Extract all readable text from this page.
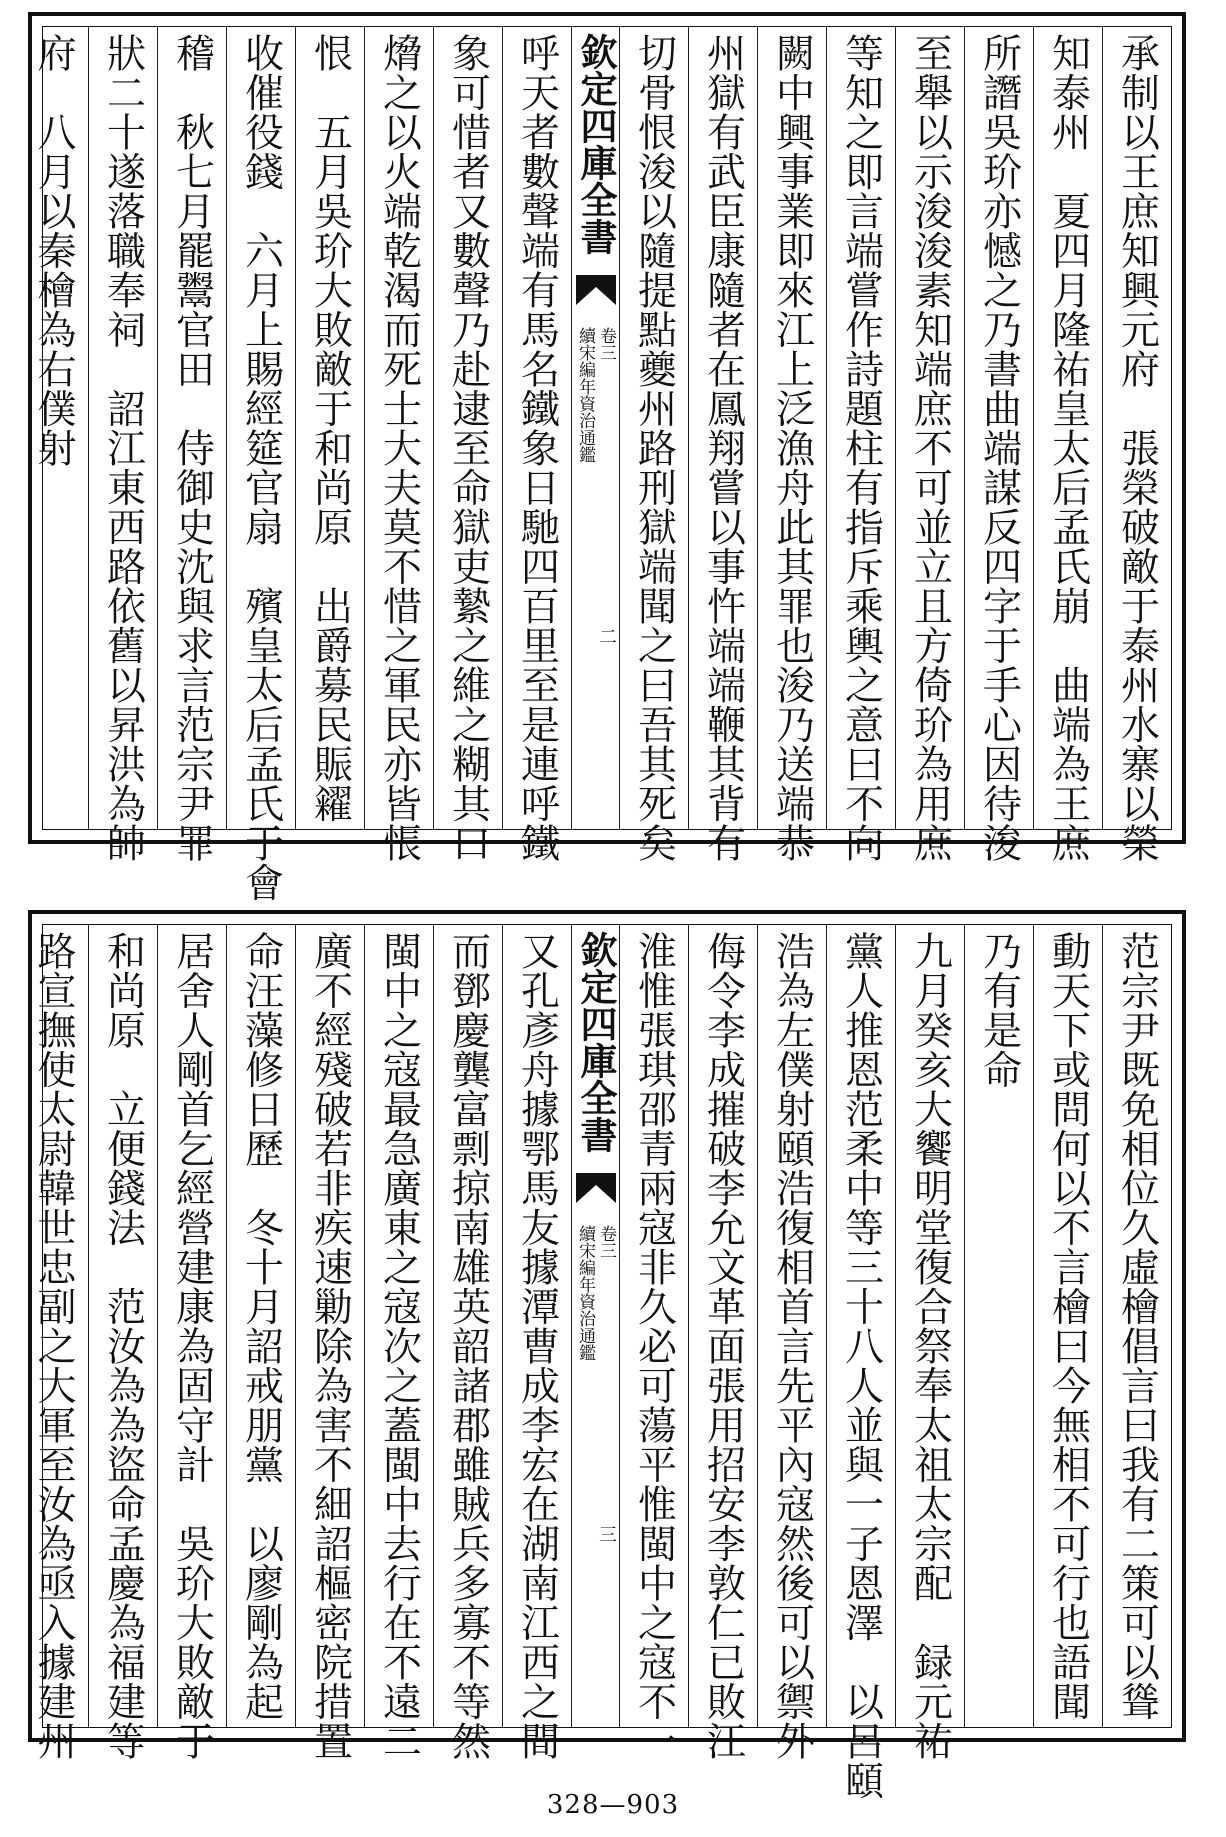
承制以王庶知興元府　張榮破敵于泰州水寨以榮
知泰州　夏四月隆祐皇太后孟氏崩　曲端為王庶
所譖吳玠亦憾之乃書曲端謀反四字于手心因待浚
至舉以示浚浚素知端庶不可並立且方倚玠為用庶
等知之即言端嘗作詩題柱有指斥乘輿之意曰不向
闕中興事業即來江上泛漁舟此其罪也浚乃送端恭
州獄有武臣康隨者在鳳翔嘗以事忤端端鞭其背有
切骨恨浚以隨提點夔州路刑獄端聞之曰吾其死矣
欽定四庫全書
續宋編年資治通鑑 卷三
二
呼天者數聲端有馬名鐵象日馳四百里至是連呼鐵
象可惜者又數聲乃赴逮至命獄吏縶之維之糊其口
熁之以火端乾渴而死士大夫莫不惜之軍民亦皆悵
恨　五月吳玠大敗敵于和尚原　出爵募民賑糴
收催役錢　六月上賜經筵官扇　殯皇太后孟氏于會
稽　秋七月罷鬻官田　侍御史沈與求言范宗尹罪
狀二十遂落職奉祠　詔江東西路依舊以昇洪為帥
府　八月以秦檜為右僕射
范宗尹既免相位久虛檜倡言曰我有二策可以聳
動天下或問何以不言檜曰今無相不可行也語聞
乃有是命
九月癸亥大饗明堂復合祭奉太祖太宗配　録元祐
黨人推恩范柔中等三十八人並與一子恩澤　以呂頤
浩為左僕射頤浩復相首言先平內寇然後可以禦外
侮令李成摧破李允文革面張用招安李敦仁已敗江
淮惟張琪邵青兩寇非久必可蕩平惟閩中之寇不一
欽定四庫全書
續宋編年資治通鑑 卷三
三
又孔彥舟據鄂馬友據潭曹成李宏在湖南江西之間
而鄧慶龔富剽掠南雄英韶諸郡雖賊兵多寡不等然
閩中之寇最急廣東之寇次之蓋閩中去行在不遠二
廣不經殘破若非疾速勦除為害不細詔樞密院措置
命汪藻修日歷　冬十月詔戒朋黨　以廖剛為起
居舍人剛首乞經營建康為固守計　吳玠大敗敵于
和尚原　立便錢法　范汝為為盜命孟慶為福建等
路宣撫使太尉韓世忠副之大軍至汝為亟入據建州
328—903
